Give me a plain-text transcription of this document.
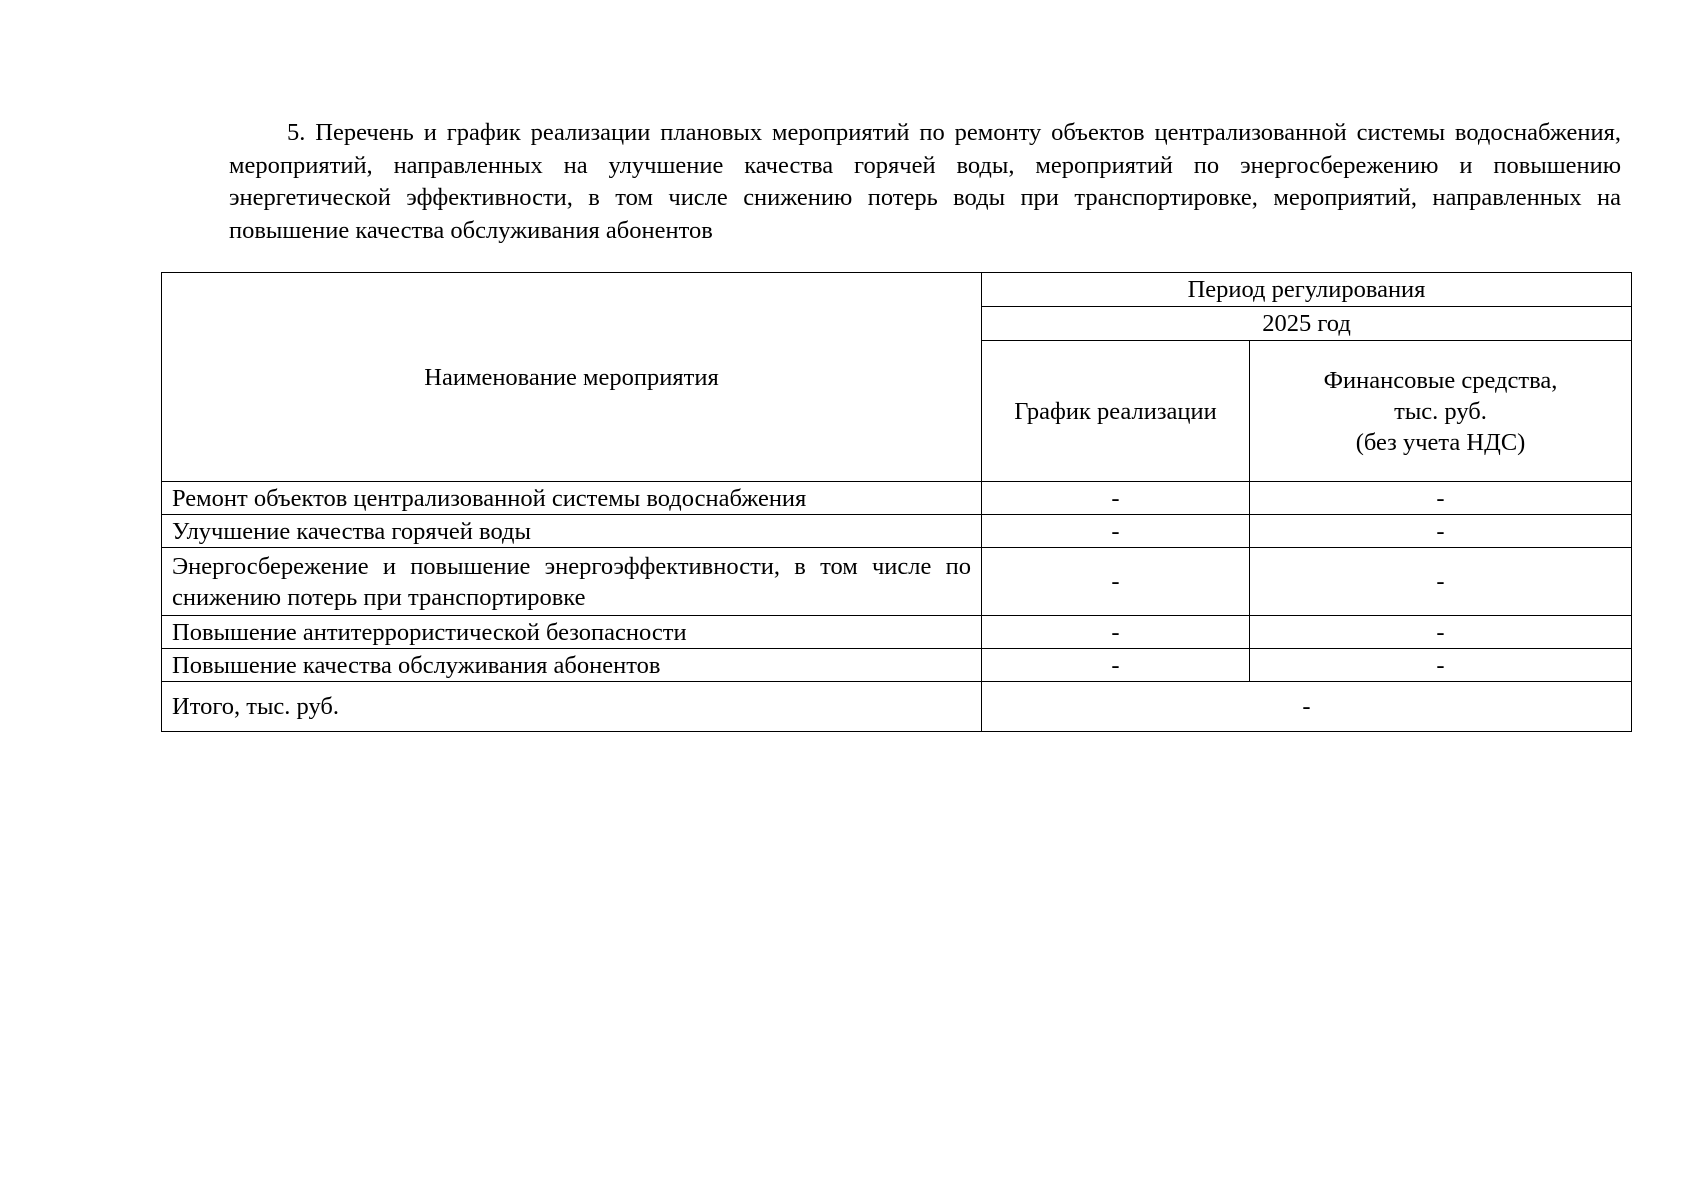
5. Перечень и график реализации плановых мероприятий по ремонту объектов централизованной системы водоснабжения, мероприятий, направленных на улучшение качества горячей воды, мероприятий по энергосбережению и повышению энергетической эффективности, в том числе снижению потерь воды при транспортировке, мероприятий, направленных на повышение качества обслуживания абонентов

Наименование мероприятия	Период регулирования	
	2025 год	
	График реализации	Финансовые средства,
тыс. руб.
(без учета НДС)

Ремонт объектов централизованной системы водоснабжения	-	-
Улучшение качества горячей воды	-	-
Энергосбережение и повышение энергоэффективности, в том числе по снижению потерь при транспортировке	-	-
Повышение антитеррористической безопасности	-	-
Повышение качества обслуживания абонентов	-	-
Итого, тыс. руб.	-	
